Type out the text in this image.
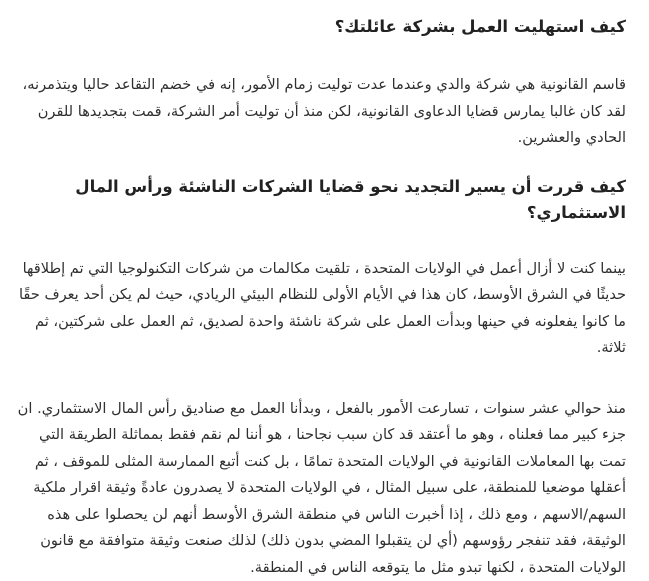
كيف استهليت العمل بشركة عائلتك؟

قاسم القانونية هي شركة والدي وعندما عدت توليت زمام الأمور، إنه في خضم التقاعد حاليا ويتذمرنه، لقد كان غالبا يمارس قضايا الدعاوى القانونية، لكن منذ أن توليت أمر الشركة، قمت بتجديدها للقرن الحادي والعشرين.

كيف قررت أن يسير التجديد نحو قضايا الشركات الناشئة ورأس المال الاستثماري؟

بينما كنت لا أزال أعمل في الولايات المتحدة ، تلقيت مكالمات من شركات التكنولوجيا التي تم إطلاقها حديثًا في الشرق الأوسط، كان هذا في الأيام الأولى للنظام البيئي الريادي، حيث لم يكن أحد يعرف حقًا ما كانوا يفعلونه في حينها وبدأت العمل على شركة ناشئة واحدة لصديق، ثم العمل على شركتين، ثم ثلاثة.

منذ حوالي عشر سنوات ، تسارعت الأمور بالفعل ، وبدأنا العمل مع صناديق رأس المال الاستثماري. ان جزء كبير مما فعلناه ، وهو ما أعتقد قد كان سبب نجاحنا ، هو أننا لم نقم فقط بمماثلة الطريقة التي تمت بها المعاملات القانونية في الولايات المتحدة تمامًا ، بل كنت أتبع الممارسة المثلى للموقف ، ثم أعقلها موضعيا للمنطقة، على سبيل المثال ، في الولايات المتحدة لا يصدرون عادةً وثيقة اقرار ملكية السهم/الاسهم ، ومع ذلك ، إذا أخبرت الناس في منطقة الشرق الأوسط أنهم لن يحصلوا على هذه الوثيقة، فقد تنفجر رؤوسهم (أي لن يتقبلوا المضي بدون ذلك) لذلك صنعت وثيقة متوافقة مع قانون الولايات المتحدة ، لكنها تبدو مثل ما يتوقعه الناس في المنطقة.
